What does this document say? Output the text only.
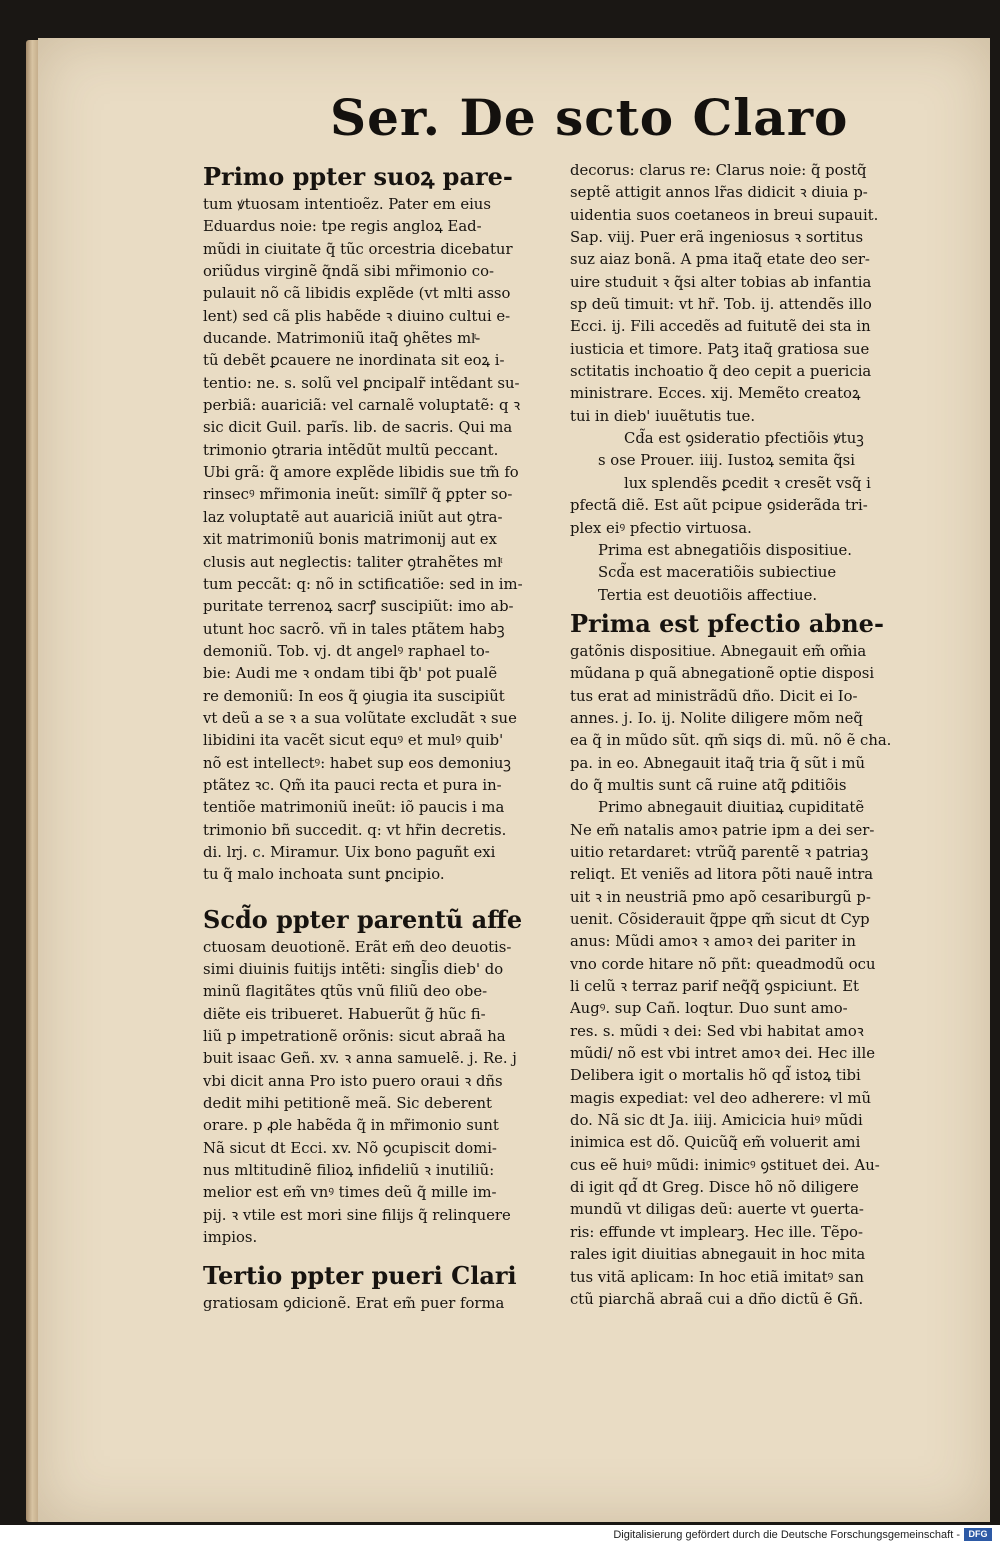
Ser. De scto Claro
Primo ppter suoꝝ pare-
tum ꝟtuosam intentioẽz. Pater em eius
Eduardus noie: tpe regis angloꝝ Ead-
mũdi in ciuitate q̃ tũc orcestria dicebatur
oriũdus virginẽ q̃ndã sibi mr̃imonio co-
pulauit nõ cã libidis explẽde (vt mlti asso
lent) sed cã plis habẽde ꝛ diuino cultui e-
ducande. Matrimoniũ itaq̃ ꝯhẽtes mlͭ-
tũ debẽt ꝑcauere ne inordinata sit eoꝝ i-
tentio: ne. s. solũ vel ꝑncipalr̃ intẽdant su-
perbiã: auariciã: vel carnalẽ voluptatẽ: q ꝛ
sic dicit Guil. parĩs. lib. de sacris. Qui ma
trimonio ꝯtraria intẽdũt multũ peccant.
Ubi grã: q̃ amore explẽde libidis sue tm̃ fo
rinsecꝰ mr̃imonia ineũt: simĩlr̃ q̃ ꝑpter so-
laz voluptatẽ aut auariciã iniũt aut ꝯtra-
xit matrimoniũ bonis matrimonij aut ex
clusis aut neglectis: taliter ꝯtrahẽtes mlͭ
tum peccãt: q: nõ in sctificatiõe: sed in im-
puritate terrenoꝝ sacrꝭ suscipiũt: imo ab-
utunt hoc sacrõ. vñ in tales ptãtem habꝫ
demoniũ. Tob. vj. dt angelꝰ raphael to-
bie: Audi me ꝛ ondam tibi q̃b' pot pualẽ
re demoniũ: In eos q̃ ꝯiugia ita suscipiũt
vt deũ a se ꝛ a sua volũtate excludãt ꝛ sue
libidini ita vacẽt sicut equꝰ et mulꝰ quib'
nõ est intellectꝰ: habet sup eos demoniuꝫ
ptãtez ꝛc. Qm̃ ita pauci recta et pura in-
tentiõe matrimoniũ ineũt: iõ paucis i ma
trimonio bñ succedit. q: vt hr̃in decretis.
di. lrj. c. Miramur. Uix bono paguñt exi
tu q̃ malo inchoata sunt ꝑncipio.
Scd̃o ppter parentũ affe
ctuosam deuotionẽ. Erãt em̃ deo deuotis-
simi diuinis fuitijs intẽti: singl̃is dieb' do
minũ flagitãtes qtũs vnũ filiũ deo obe-
diẽte eis tribueret. Habuerũt g̃ hũc fi-
liũ p impetrationẽ orõnis: sicut abraã ha
buit isaac Geñ. xv. ꝛ anna samuelẽ. j. Re. j
vbi dicit anna Pro isto puero oraui ꝛ dñs
dedit mihi petitionẽ meã. Sic deberent
orare. p ꝓle habẽda q̃ in mr̃imonio sunt
Nã sicut dt Ecci. xv. Nõ ꝯcupiscit domi-
nus mltitudinẽ filioꝝ infideliũ ꝛ inutiliũ:
melior est em̃ vnꝰ times deũ q̃ mille im-
pij. ꝛ vtile est mori sine filijs q̃ relinquere
impios.
Tertio ppter pueri Clari
gratiosam ꝯdicionẽ. Erat em̃ puer forma
decorus: clarus re: Clarus noie: q̃ postq̃
septẽ attigit annos lr̃as didicit ꝛ diuia p-
uidentia suos coetaneos in breui supauit.
Sap. viij. Puer erã ingeniosus ꝛ sortitus
suz aiaz bonã. A pma itaq̃ etate deo ser-
uire studuit ꝛ q̃si alter tobias ab infantia
sp deũ timuit: vt hr̃. Tob. ij. attendẽs illo
Ecci. ij. Fili accedẽs ad fuitutẽ dei sta in
iusticia et timore. Patꝫ itaq̃ gratiosa sue
sctitatis inchoatio q̃ deo cepit a puericia
ministrare. Ecces. xij. Memẽto creatoꝝ
tui in dieb' iuuẽtutis tue.
Cd̃a est ꝯsideratio pfectiõis ꝟtuꝫ
s ose Prouer. iiij. Iustoꝝ semita q̃si
lux splendẽs ꝑcedit ꝛ cresẽt vsq̃ i
pfectã diẽ. Est aũt pcipue ꝯsiderãda tri-
plex eiꝰ pfectio virtuosa.
Prima est abnegatiõis dispositiue.
Scd̃a est maceratiõis subiectiue
Tertia est deuotiõis affectiue.
Prima est pfectio abne-
gatõnis dispositiue. Abnegauit em̃ om̃ia
mũdana p quã abnegationẽ optie disposi
tus erat ad ministrãdũ dño. Dicit ei Io-
annes. j. Io. ij. Nolite diligere mõm neq̃
ea q̃ in mũdo sũt. qm̃ siqs di. mũ. nõ ẽ cha.
pa. in eo. Abnegauit itaq̃ tria q̃ sũt i mũ
do q̃ multis sunt cã ruine atq̃ ꝑditiõis
Primo abnegauit diuitiaꝝ cupiditatẽ
Ne em̃ natalis amoꝛ patrie ipm a dei ser-
uitio retardaret: vtrũq̃ parentẽ ꝛ patriaꝫ
reliqt. Et veniẽs ad litora põti nauẽ intra
uit ꝛ in neustriã pmo apõ cesariburgũ p-
uenit. Cõsiderauit q̃ppe qm̃ sicut dt Cyp
anus: Mũdi amoꝛ ꝛ amoꝛ dei pariter in
vno corde hitare nõ pñt: queadmodũ ocu
li celũ ꝛ terraz parif neq̃q̃ ꝯspiciunt. Et
Augꝰ. sup Cañ. loqtur. Duo sunt amo-
res. s. mũdi ꝛ dei: Sed vbi habitat amoꝛ
mũdi/ nõ est vbi intret amoꝛ dei. Hec ille
Delibera igit o mortalis hõ qd̃ istoꝝ tibi
magis expediat: vel deo adherere: vl mũ
do. Nã sic dt Ja. iiij. Amicicia huiꝰ mũdi
inimica est dõ. Quicũq̃ em̃ voluerit ami
cus eẽ huiꝰ mũdi: inimicꝰ ꝯstituet dei. Au-
di igit qd̃ dt Greg. Disce hõ nõ diligere
mundũ vt diligas deũ: auerte vt ꝯuerta-
ris: effunde vt implearꝫ. Hec ille. Tẽpo-
rales igit diuitias abnegauit in hoc mita
tus vitã aplicam: In hoc etiã imitatꝰ san
ctũ piarchã abraã cui a dño dictũ ẽ Gñ.
Digitalisierung gefördert durch die Deutsche Forschungsgemeinschaft - DFG
